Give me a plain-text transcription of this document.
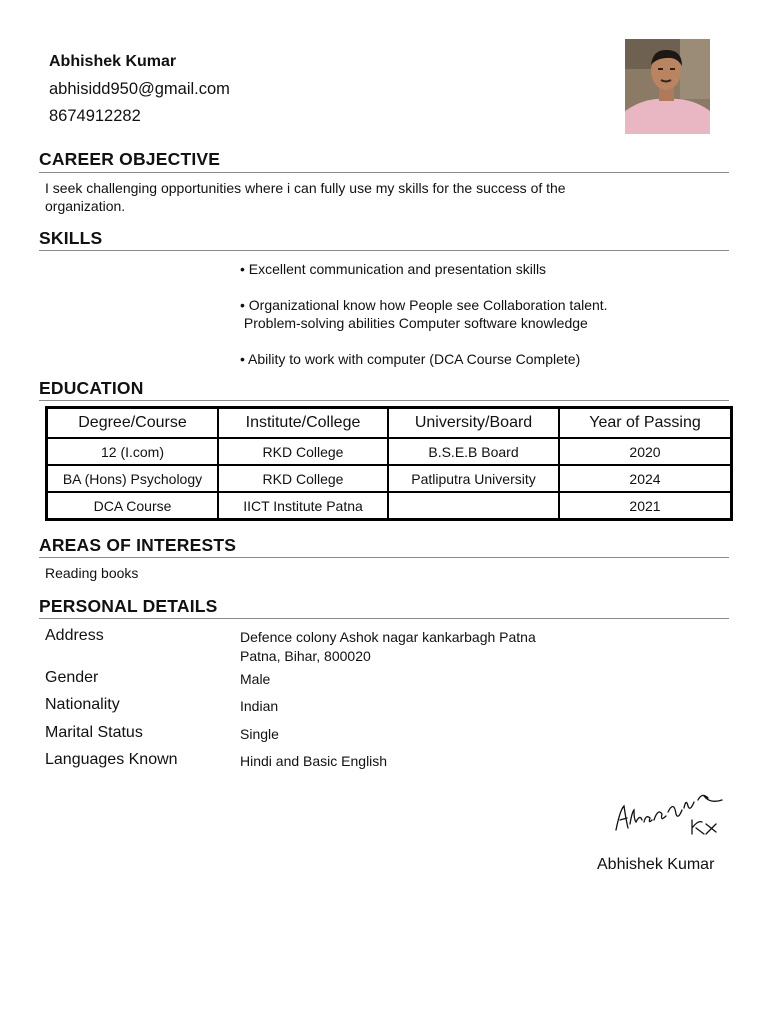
Abhishek Kumar
abhisidd950@gmail.com
8674912282
CAREER OBJECTIVE
I seek challenging opportunities where i can fully use my skills for the success of the
organization.
SKILLS
• Excellent communication and presentation skills
• Organizational know how People see Collaboration talent.
Problem-solving abilities Computer software knowledge
• Ability to work with computer (DCA Course Complete)
EDUCATION
Degree/Course	Institute/College	University/Board	Year of Passing
12 (I.com)	RKD College	B.S.E.B Board	2020
BA (Hons) Psychology	RKD College	Patliputra University	2024
DCA Course	IICT Institute Patna		2021
AREAS OF INTERESTS
Reading books
PERSONAL DETAILS
Address	Defence colony Ashok nagar kankarbagh Patna
Patna, Bihar, 800020
Gender	Male
Nationality	Indian
Marital Status	Single
Languages Known	Hindi and Basic English
Abhishek Kumar
